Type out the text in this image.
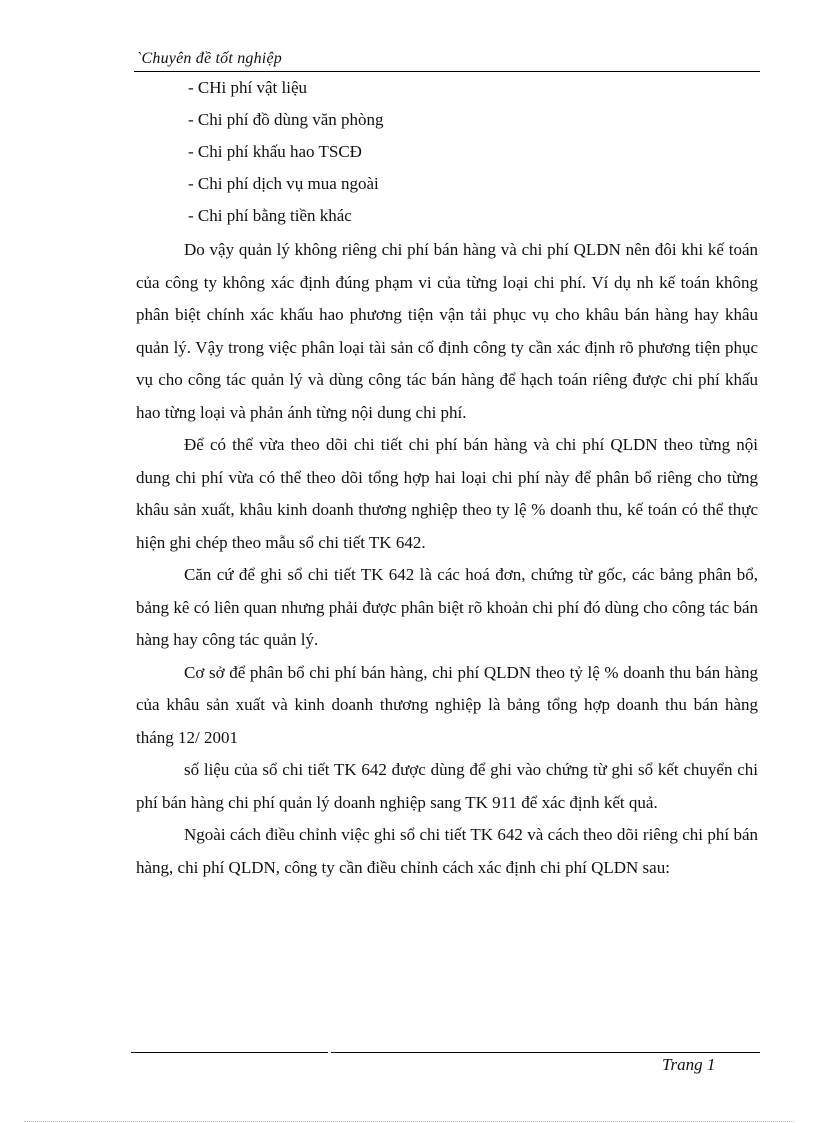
`Chuyên đề tốt nghiệp

- CHi phí vật liệu

- Chi phí đồ dùng văn phòng

- Chi phí khấu hao TSCĐ

- Chi phí dịch vụ mua ngoài

- Chi phí bằng tiền khác

Do vậy quản lý không riêng chi phí bán hàng và chi phí QLDN nên đôi khi kế toán của công ty không xác định đúng phạm vi của từng loại chi phí. Ví dụ nh kế toán không phân biệt chính xác khấu hao phương tiện vận tải phục vụ cho khâu bán hàng hay khâu quản lý. Vậy trong việc phân loại tài sản cố định công ty cần xác định rõ phương tiện phục vụ cho công tác quản lý và dùng công tác bán hàng để hạch toán riêng được chi phí khấu hao từng loại và phản ánh từng nội dung chi phí.

Để có thể vừa theo dõi chi tiết chi phí bán hàng và chi phí QLDN theo từng nội dung chi phí vừa có thể theo dõi tổng hợp hai loại chi phí này để phân bổ riêng cho từng khâu sản xuất, khâu kinh doanh thương nghiệp theo ty lệ % doanh thu, kế toán có thể thực hiện ghi chép theo mẫu sổ chi tiết TK 642.

Căn cứ để ghi sổ chi tiết TK 642 là các hoá đơn, chứng từ gốc, các bảng phân bổ, bảng kê có liên quan nhưng phải được phân biệt rõ khoản chi phí đó dùng cho công tác bán hàng hay công tác quản lý.

Cơ sở để phân bổ chi phí bán hàng, chi phí QLDN theo tỷ lệ % doanh thu bán hàng của khâu sản xuất và kinh doanh thương nghiệp là bảng tổng hợp doanh thu bán hàng tháng 12/ 2001

số liệu của sổ chi tiết TK 642 được dùng để ghi vào chứng từ ghi sổ kết chuyển chi phí bán hàng chi phí quản lý doanh nghiệp sang TK 911 để xác định kết quả.

Ngoài cách điều chỉnh việc ghi sổ chi tiết TK 642 và cách theo dõi riêng chi phí bán hàng, chi phí QLDN, công ty cần điều chỉnh cách xác định chi phí QLDN sau:

Trang 1
